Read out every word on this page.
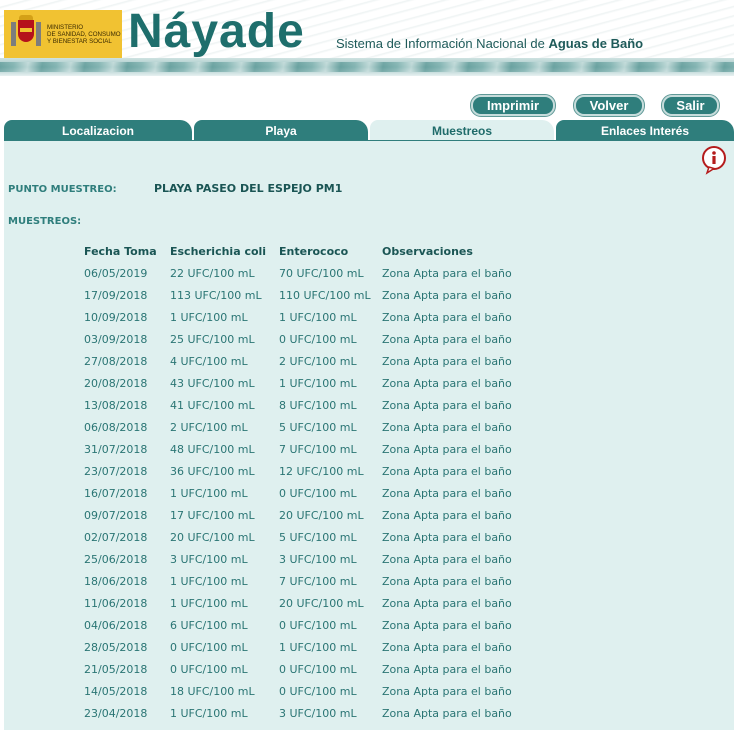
MINISTERIO
DE SANIDAD, CONSUMO
Y BIENESTAR SOCIAL Náyade Sistema de Información Nacional de Aguas de Baño
Imprimir	Volver	Salir
Localizacion	Playa	Muestreos	Enlaces Interés
PUNTO MUESTREO:	PLAYA PASEO DEL ESPEJO PM1
MUESTREOS:
Fecha Toma	Escherichia coli	Enterococo	Observaciones
06/05/2019	22 UFC/100 mL	70 UFC/100 mL	Zona Apta para el baño
17/09/2018	113 UFC/100 mL	110 UFC/100 mL	Zona Apta para el baño
10/09/2018	1 UFC/100 mL	1 UFC/100 mL	Zona Apta para el baño
03/09/2018	25 UFC/100 mL	0 UFC/100 mL	Zona Apta para el baño
27/08/2018	4 UFC/100 mL	2 UFC/100 mL	Zona Apta para el baño
20/08/2018	43 UFC/100 mL	1 UFC/100 mL	Zona Apta para el baño
13/08/2018	41 UFC/100 mL	8 UFC/100 mL	Zona Apta para el baño
06/08/2018	2 UFC/100 mL	5 UFC/100 mL	Zona Apta para el baño
31/07/2018	48 UFC/100 mL	7 UFC/100 mL	Zona Apta para el baño
23/07/2018	36 UFC/100 mL	12 UFC/100 mL	Zona Apta para el baño
16/07/2018	1 UFC/100 mL	0 UFC/100 mL	Zona Apta para el baño
09/07/2018	17 UFC/100 mL	20 UFC/100 mL	Zona Apta para el baño
02/07/2018	20 UFC/100 mL	5 UFC/100 mL	Zona Apta para el baño
25/06/2018	3 UFC/100 mL	3 UFC/100 mL	Zona Apta para el baño
18/06/2018	1 UFC/100 mL	7 UFC/100 mL	Zona Apta para el baño
11/06/2018	1 UFC/100 mL	20 UFC/100 mL	Zona Apta para el baño
04/06/2018	6 UFC/100 mL	0 UFC/100 mL	Zona Apta para el baño
28/05/2018	0 UFC/100 mL	1 UFC/100 mL	Zona Apta para el baño
21/05/2018	0 UFC/100 mL	0 UFC/100 mL	Zona Apta para el baño
14/05/2018	18 UFC/100 mL	0 UFC/100 mL	Zona Apta para el baño
23/04/2018	1 UFC/100 mL	3 UFC/100 mL	Zona Apta para el baño
